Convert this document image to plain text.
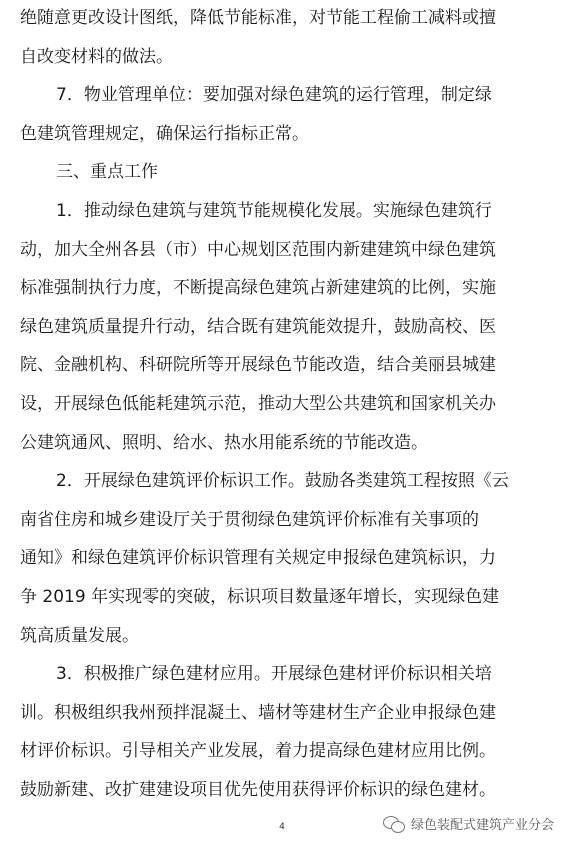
绝随意更改设计图纸，降低节能标准，对节能工程偷工减料或擅
自改变材料的做法。
7．物业管理单位：要加强对绿色建筑的运行管理，制定绿
色建筑管理规定，确保运行指标正常。
三、重点工作
1．推动绿色建筑与建筑节能规模化发展。实施绿色建筑行
动，加大全州各县（市）中心规划区范围内新建建筑中绿色建筑
标准强制执行力度，不断提高绿色建筑占新建建筑的比例，实施
绿色建筑质量提升行动，结合既有建筑能效提升，鼓励高校、医
院、金融机构、科研院所等开展绿色节能改造，结合美丽县城建
设，开展绿色低能耗建筑示范，推动大型公共建筑和国家机关办
公建筑通风、照明、给水、热水用能系统的节能改造。
2．开展绿色建筑评价标识工作。鼓励各类建筑工程按照《云
南省住房和城乡建设厅关于贯彻绿色建筑评价标准有关事项的
通知》和绿色建筑评价标识管理有关规定申报绿色建筑标识，力
争 2019 年实现零的突破，标识项目数量逐年增长，实现绿色建
筑高质量发展。
3．积极推广绿色建材应用。开展绿色建材评价标识相关培
训。积极组织我州预拌混凝土、墙材等建材生产企业申报绿色建
材评价标识。引导相关产业发展，着力提高绿色建材应用比例。
鼓励新建、改扩建建设项目优先使用获得评价标识的绿色建材。
4	绿色装配式建筑产业分会
